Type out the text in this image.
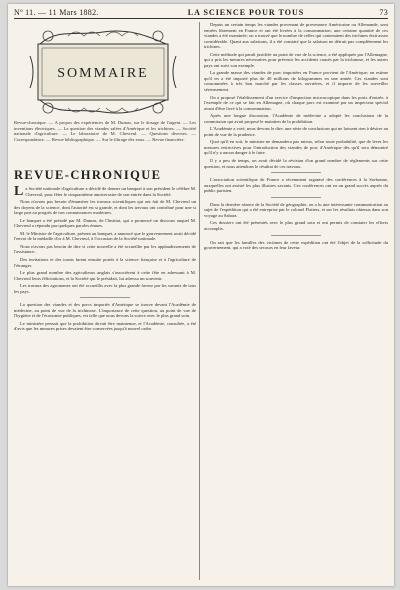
Nº 11. — 11 Mars 1882.	LA SCIENCE POUR TOUS	73
SOMMAIRE
Revue-chronique. — A propos des expériences de M. Dumas, sur le dosage de l'argent. — Les inventions électriques. — La question des viandes salées d'Amérique et les trichines. — Société nationale d'agriculture. — Le laboratoire de M. Chevreul. — Questions diverses. — Correspondance. — Revue bibliographique. — Sur le filtrage des eaux. — Revue financière.
REVUE-CHRONIQUE

La Société nationale d'agriculture a décidé de donner un banquet à son président le célèbre M. Chevreul, pour fêter le cinquantième anniversaire de son entrée dans la Société.

Nous n'avons pas besoin d'énumérer les travaux scientifiques qui ont fait de M. Chevreul un des doyens de la science, dont l'autorité est si grande, et dont les travaux ont contribué pour une si large part au progrès de nos connaissances modernes.

Le banquet a été présidé par M. Dumas, de l'Institut, qui a prononcé un discours auquel M. Chevreul a répondu par quelques paroles émues.

M. le Ministre de l'agriculture, présent au banquet, a annoncé que le gouvernement avait décidé l'envoi de la médaille d'or à M. Chevreul, à l'occasion de la Société nationale.

Nous n'avons pas besoin de dire si cette nouvelle a été accueillie par les applaudissements de l'assistance.

Des invitations et des toasts furent ensuite portés à la science française et à l'agriculture de l'étranger.

Le plus grand nombre des agriculteurs anglais s'associèrent à cette fête en adressant à M. Chevreul leurs félicitations, et la Société qui le présidait, lui adressa un souvenir.

Les travaux des agronomes ont été accueillis avec la plus grande faveur par les savants de tous les pays.

La question des viandes et des porcs importés d'Amérique se trouve devant l'Académie de médecine, au point de vue de la trichinose. L'importance de cette question, au point de vue de l'hygiène et de l'économie publiques, est telle que nous devons la suivre avec le plus grand soin.

Le ministère pensait que la prohibition devait être maintenue, et l'Académie, consultée, a été d'avis que les mesures prises devaient être conservées jusqu'à nouvel ordre.

Depuis un certain temps les viandes provenant de provenance Américaine ou Allemande, sont entrées librement en France et ont été livrées à la consommation; une certaine quantité de ces viandes a été examinée; on a trouvé que le nombre de celles qui contenaient des trichines était assez considérable. Quant aux salaisons, il a été constaté que la salaison ne détruit pas complètement les trichines.

Cette méthode qui paraît justifiée au point de vue de la science, a été appliquée par l'Allemagne, qui a pris les mesures nécessaires pour prévenir les accidents causés par la trichinose, et les autres pays ont suivi son exemple.

La grande masse des viandes de porc importées en France provient de l'Amérique; on estime qu'il en a été importé plus de 40 millions de kilogrammes en une année. Ces viandes sont consommées à très bon marché par les classes ouvrières, et il importe de les surveiller sérieusement.

On a proposé l'établissement d'un service d'inspection microscopique dans les ports d'entrée, à l'exemple de ce qui se fait en Allemagne, où chaque porc est examiné par un inspecteur spécial avant d'être livré à la consommation.

Après une longue discussion, l'Académie de médecine a adopté les conclusions de la commission qui avait proposé le maintien de la prohibition.

L'Académie a voté, nous devons le dire, une série de conclusions qui ne laissent rien à désirer au point de vue de la prudence.

Quoi qu'il en soit, le ministre ne demandera pas mieux, selon toute probabilité, que de lever les mesures restrictives pour l'introduction des viandes de porc d'Amérique dès qu'il sera démontré qu'il n'y a aucun danger à le faire.

Il y a peu de temps, on avait décidé la révision d'un grand nombre de règlements sur cette question, et nous attendons le résultat de ces travaux.

L'association scientifique de France a récemment organisé des conférences à la Sorbonne, auxquelles ont assisté les plus illustres savants. Ces conférences ont eu un grand succès auprès du public parisien.

Dans la dernière séance de la Société de géographie, on a lu une intéressante communication au sujet de l'expédition qui a été entreprise par le colonel Flatters, et sur les résultats obtenus dans son voyage au Sahara.

Ces dossiers ont été présentés avec le plus grand soin et ont permis de constater les efforts accomplis.

On sait que les familles des victimes de cette expédition ont été l'objet de la sollicitude du gouvernement, qui a voté des secours en leur faveur.
